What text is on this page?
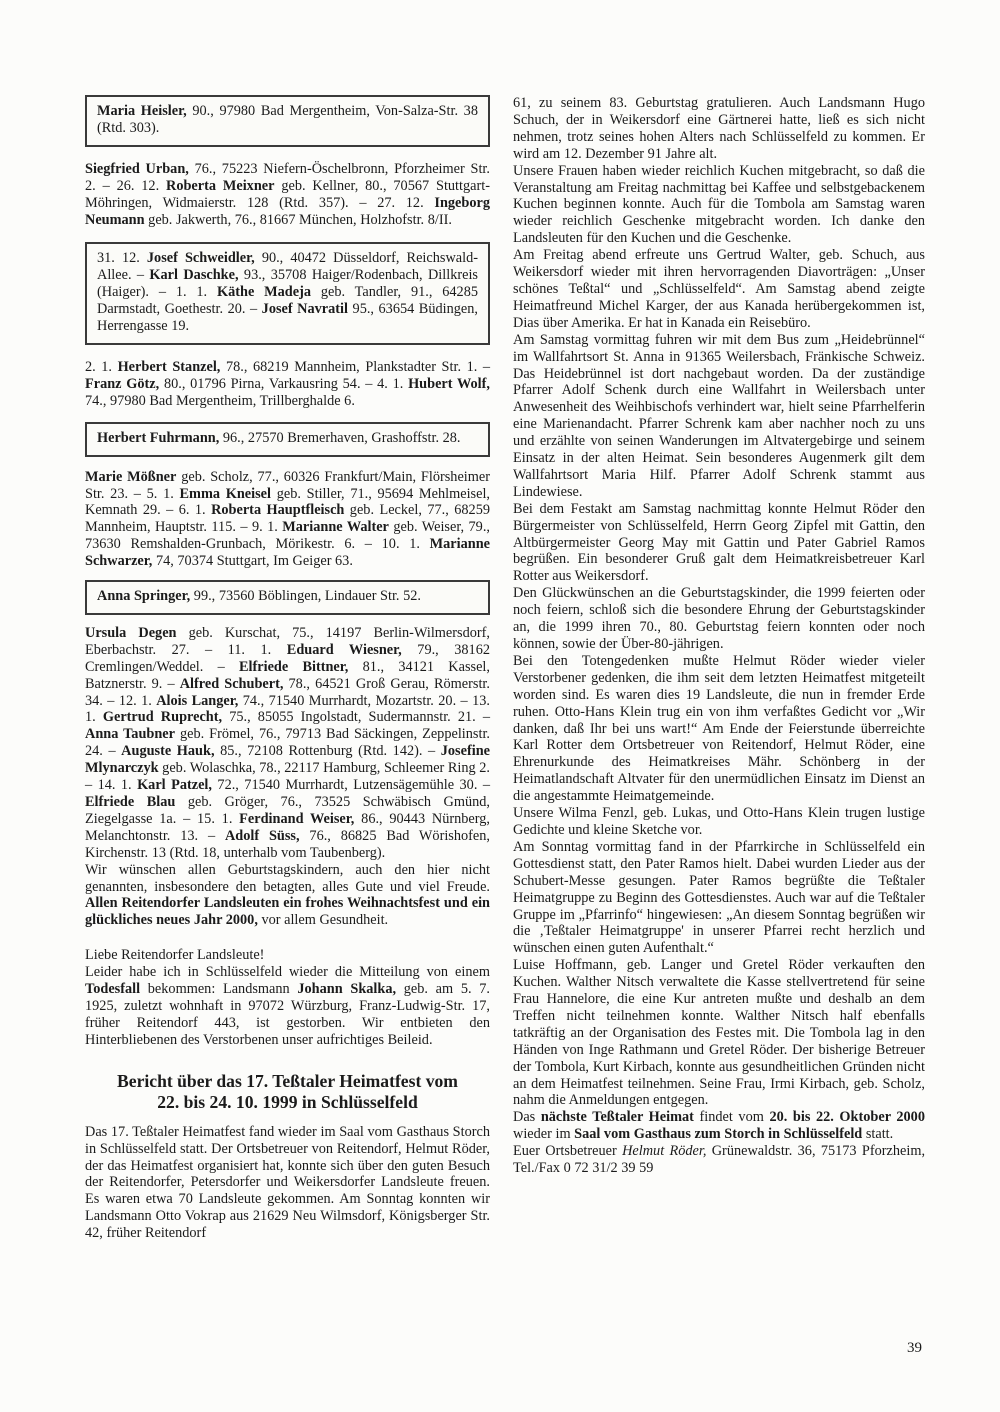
Maria Heisler, 90., 97980 Bad Mergentheim, Von-Salza-Str. 38 (Rtd. 303).

Siegfried Urban, 76., 75223 Niefern-Öschelbronn, Pforzheimer Str. 2. – 26. 12. Roberta Meixner geb. Kellner, 80., 70567 Stuttgart-Möhringen, Widmaierstr. 128 (Rtd. 357). – 27. 12. Ingeborg Neumann geb. Jakwerth, 76., 81667 München, Holzhofstr. 8/II.

31. 12. Josef Schweidler, 90., 40472 Düsseldorf, Reichswald-Allee. – Karl Daschke, 93., 35708 Haiger/Rodenbach, Dillkreis (Haiger). – 1. 1. Käthe Madeja geb. Tandler, 91., 64285 Darmstadt, Goethestr. 20. – Josef Navratil 95., 63654 Büdingen, Herrengasse 19.

2. 1. Herbert Stanzel, 78., 68219 Mannheim, Plankstadter Str. 1. – Franz Götz, 80., 01796 Pirna, Varkausring 54. – 4. 1. Hubert Wolf, 74., 97980 Bad Mergentheim, Trillberghalde 6.

Herbert Fuhrmann, 96., 27570 Bremerhaven, Grashoffstr. 28.

Marie Mößner geb. Scholz, 77., 60326 Frankfurt/Main, Flörsheimer Str. 23. – 5. 1. Emma Kneisel geb. Stiller, 71., 95694 Mehlmeisel, Kemnath 29. – 6. 1. Roberta Hauptfleisch geb. Leckel, 77., 68259 Mannheim, Hauptstr. 115. – 9. 1. Marianne Walter geb. Weiser, 79., 73630 Remshalden-Grunbach, Mörikestr. 6. – 10. 1. Marianne Schwarzer, 74, 70374 Stuttgart, Im Geiger 63.

Anna Springer, 99., 73560 Böblingen, Lindauer Str. 52.

Ursula Degen geb. Kurschat, 75., 14197 Berlin-Wilmersdorf, Eberbachstr. 27. – 11. 1. Eduard Wiesner, 79., 38162 Cremlingen/Weddel. – Elfriede Bittner, 81., 34121 Kassel, Batznerstr. 9. – Alfred Schubert, 78., 64521 Groß Gerau, Römerstr. 34. – 12. 1. Alois Langer, 74., 71540 Murrhardt, Mozartstr. 20. – 13. 1. Gertrud Ruprecht, 75., 85055 Ingolstadt, Sudermannstr. 21. – Anna Taubner geb. Frömel, 76., 79713 Bad Säckingen, Zeppelinstr. 24. – Auguste Hauk, 85., 72108 Rottenburg (Rtd. 142). – Josefine Mlynarczyk geb. Wolaschka, 78., 22117 Hamburg, Schleemer Ring 2. – 14. 1. Karl Patzel, 72., 71540 Murrhardt, Lutzensägemühle 30. – Elfriede Blau geb. Gröger, 76., 73525 Schwäbisch Gmünd, Ziegelgasse 1a. – 15. 1. Ferdinand Weiser, 86., 90443 Nürnberg, Melanchtonstr. 13. – Adolf Süss, 76., 86825 Bad Wörishofen, Kirchenstr. 13 (Rtd. 18, unterhalb vom Taubenberg).

Wir wünschen allen Geburtstagskindern, auch den hier nicht genannten, insbesondere den betagten, alles Gute und viel Freude. Allen Reitendorfer Landsleuten ein frohes Weihnachtsfest und ein glückliches neues Jahr 2000, vor allem Gesundheit.

Liebe Reitendorfer Landsleute!

Leider habe ich in Schlüsselfeld wieder die Mitteilung von einem Todesfall bekommen: Landsmann Johann Skalka, geb. am 5. 7. 1925, zuletzt wohnhaft in 97072 Würzburg, Franz-Ludwig-Str. 17, früher Reitendorf 443, ist gestorben. Wir entbieten den Hinterbliebenen des Verstorbenen unser aufrichtiges Beileid.

Bericht über das 17. Teßtaler Heimatfest vom
22. bis 24. 10. 1999 in Schlüsselfeld

Das 17. Teßtaler Heimatfest fand wieder im Saal vom Gasthaus Storch in Schlüsselfeld statt. Der Ortsbetreuer von Reitendorf, Helmut Röder, der das Heimatfest organisiert hat, konnte sich über den guten Besuch der Reitendorfer, Petersdorfer und Weikersdorfer Landsleute freuen. Es waren etwa 70 Landsleute gekommen. Am Sonntag konnten wir Landsmann Otto Vokrap aus 21629 Neu Wilmsdorf, Königsberger Str. 42, früher Reitendorf

61, zu seinem 83. Geburtstag gratulieren. Auch Landsmann Hugo Schuch, der in Weikersdorf eine Gärtnerei hatte, ließ es sich nicht nehmen, trotz seines hohen Alters nach Schlüsselfeld zu kommen. Er wird am 12. Dezember 91 Jahre alt.

Unsere Frauen haben wieder reichlich Kuchen mitgebracht, so daß die Veranstaltung am Freitag nachmittag bei Kaffee und selbstgebackenem Kuchen beginnen konnte. Auch für die Tombola am Samstag waren wieder reichlich Geschenke mitgebracht worden. Ich danke den Landsleuten für den Kuchen und die Geschenke.

Am Freitag abend erfreute uns Gertrud Walter, geb. Schuch, aus Weikersdorf wieder mit ihren hervorragenden Diavorträgen: „Unser schönes Teßtal“ und „Schlüsselfeld“. Am Samstag abend zeigte Heimatfreund Michel Karger, der aus Kanada herübergekommen ist, Dias über Amerika. Er hat in Kanada ein Reisebüro.

Am Samstag vormittag fuhren wir mit dem Bus zum „Heidebrünnel“ im Wallfahrtsort St. Anna in 91365 Weilersbach, Fränkische Schweiz. Das Heidebrünnel ist dort nachgebaut worden. Da der zuständige Pfarrer Adolf Schenk durch eine Wallfahrt in Weilersbach unter Anwesenheit des Weihbischofs verhindert war, hielt seine Pfarrhelferin eine Marienandacht. Pfarrer Schrenk kam aber nachher noch zu uns und erzählte von seinen Wanderungen im Altvatergebirge und seinem Einsatz in der alten Heimat. Sein besonderes Augenmerk gilt dem Wallfahrtsort Maria Hilf. Pfarrer Adolf Schrenk stammt aus Lindewiese.

Bei dem Festakt am Samstag nachmittag konnte Helmut Röder den Bürgermeister von Schlüsselfeld, Herrn Georg Zipfel mit Gattin, den Altbürgermeister Georg May mit Gattin und Pater Gabriel Ramos begrüßen. Ein besonderer Gruß galt dem Heimatkreisbetreuer Karl Rotter aus Weikersdorf.

Den Glückwünschen an die Geburtstagskinder, die 1999 feierten oder noch feiern, schloß sich die besondere Ehrung der Geburtstagskinder an, die 1999 ihren 70., 80. Geburtstag feiern konnten oder noch können, sowie der Über-80-jährigen.

Bei den Totengedenken mußte Helmut Röder wieder vieler Verstorbener gedenken, die ihm seit dem letzten Heimatfest mitgeteilt worden sind. Es waren dies 19 Landsleute, die nun in fremder Erde ruhen. Otto-Hans Klein trug ein von ihm verfaßtes Gedicht vor „Wir danken, daß Ihr bei uns wart!“ Am Ende der Feierstunde überreichte Karl Rotter dem Ortsbetreuer von Reitendorf, Helmut Röder, eine Ehrenurkunde des Heimatkreises Mähr. Schönberg in der Heimatlandschaft Altvater für den unermüdlichen Einsatz im Dienst an die angestammte Heimatgemeinde.

Unsere Wilma Fenzl, geb. Lukas, und Otto-Hans Klein trugen lustige Gedichte und kleine Sketche vor.

Am Sonntag vormittag fand in der Pfarrkirche in Schlüsselfeld ein Gottesdienst statt, den Pater Ramos hielt. Dabei wurden Lieder aus der Schubert-Messe gesungen. Pater Ramos begrüßte die Teßtaler Heimatgruppe zu Beginn des Gottesdienstes. Auch war auf die Teßtaler Gruppe im „Pfarrinfo“ hingewiesen: „An diesem Sonntag begrüßen wir die ‚Teßtaler Heimatgruppe' in unserer Pfarrei recht herzlich und wünschen einen guten Aufenthalt.“

Luise Hoffmann, geb. Langer und Gretel Röder verkauften den Kuchen. Walther Nitsch verwaltete die Kasse stellvertretend für seine Frau Hannelore, die eine Kur antreten mußte und deshalb an dem Treffen nicht teilnehmen konnte. Walther Nitsch half ebenfalls tatkräftig an der Organisation des Festes mit. Die Tombola lag in den Händen von Inge Rathmann und Gretel Röder. Der bisherige Betreuer der Tombola, Kurt Kirbach, konnte aus gesundheitlichen Gründen nicht an dem Heimatfest teilnehmen. Seine Frau, Irmi Kirbach, geb. Scholz, nahm die Anmeldungen entgegen.

Das nächste Teßtaler Heimat findet vom 20. bis 22. Oktober 2000 wieder im Saal vom Gasthaus zum Storch in Schlüsselfeld statt.

Euer Ortsbetreuer Helmut Röder, Grünewaldstr. 36, 75173 Pforzheim, Tel./Fax 0 72 31/2 39 59

39
